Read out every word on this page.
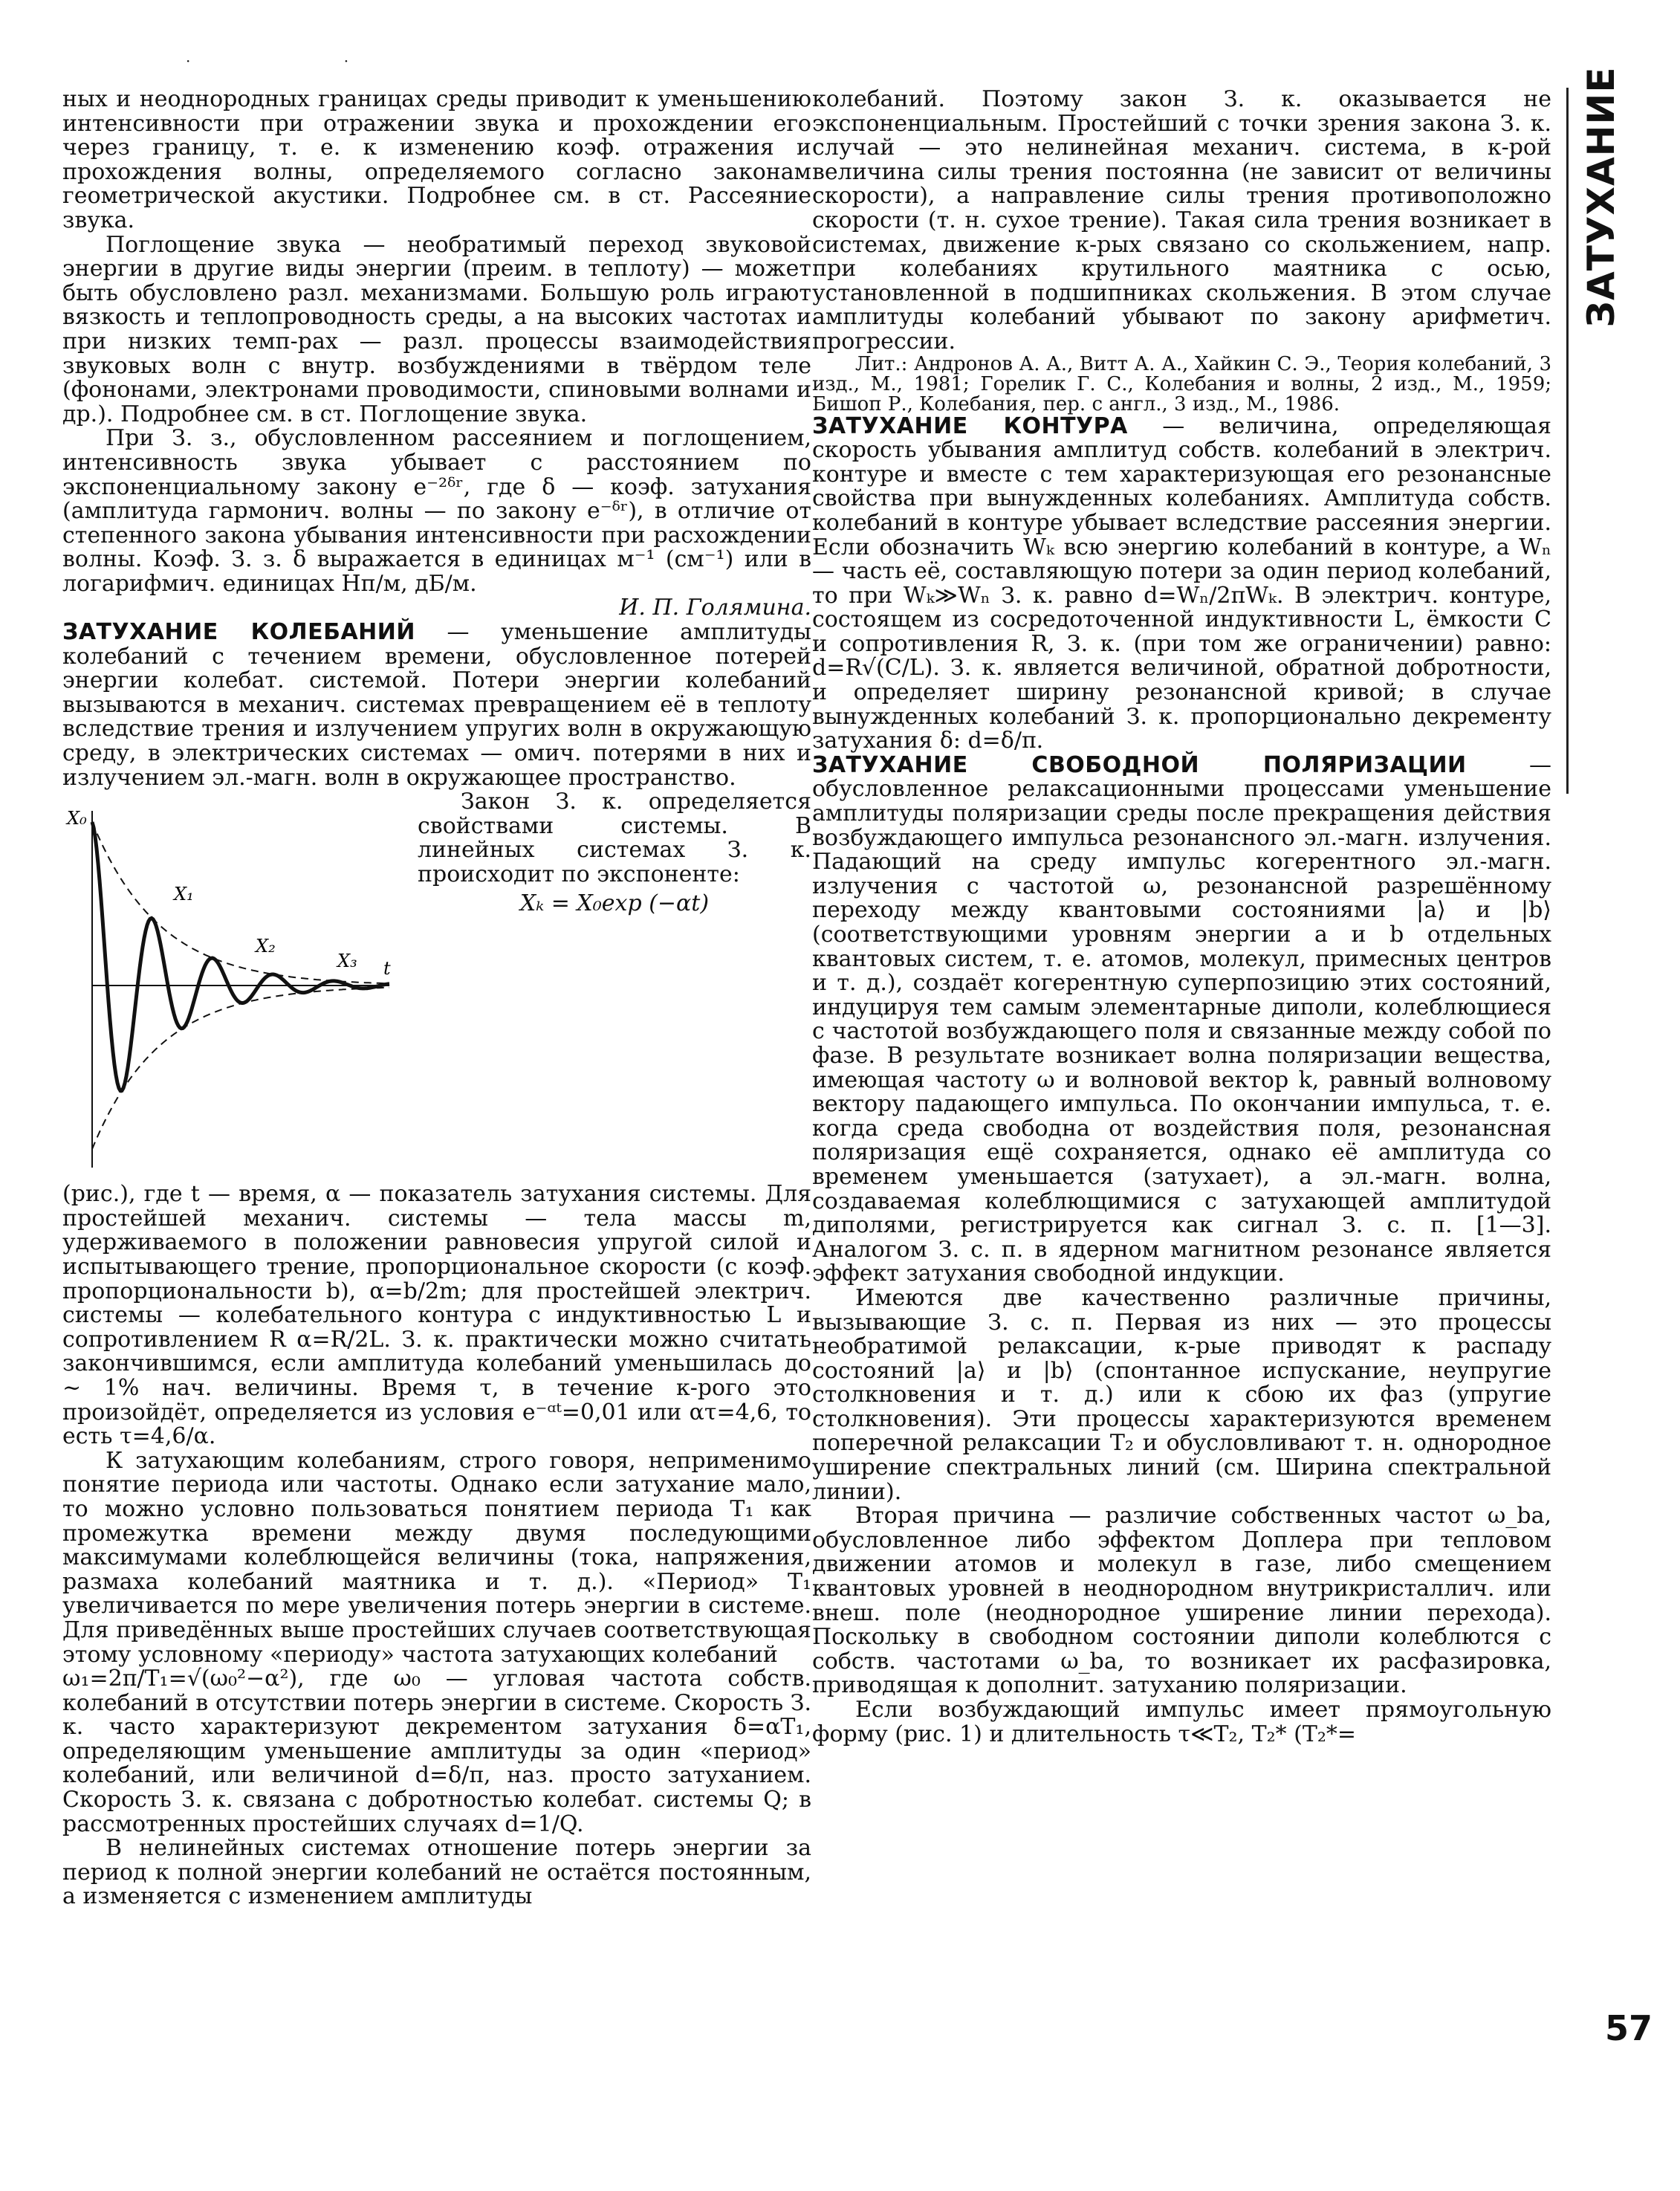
· ·
ЗАТУХАНИЕ
57

ных и неоднородных границах среды приводит к уменьшению интенсивности при отражении звука и прохождении его через границу, т. е. к изменению коэф. отражения и прохождения волны, определяемого согласно законам геометрической акустики. Подробнее см. в ст. Рассеяние звука.

Поглощение звука — необратимый переход звуковой энергии в другие виды энергии (преим. в теплоту) — может быть обусловлено разл. механизмами. Большую роль играют вязкость и теплопроводность среды, а на высоких частотах и при низких темп-рах — разл. процессы взаимодействия звуковых волн с внутр. возбуждениями в твёрдом теле (фононами, электронами проводимости, спиновыми волнами и др.). Подробнее см. в ст. Поглощение звука.

При З. з., обусловленном рассеянием и поглощением, интенсивность звука убывает с расстоянием по экспоненциальному закону e⁻²ᵟʳ, где δ — коэф. затухания (амплитуда гармонич. волны — по закону e⁻ᵟʳ), в отличие от степенного закона убывания интенсивности при расхождении волны. Коэф. З. з. δ выражается в единицах м⁻¹ (см⁻¹) или в логарифмич. единицах Нп/м, дБ/м.

И. П. Голямина.

ЗАТУХАНИЕ КОЛЕБАНИЙ — уменьшение амплитуды колебаний с течением времени, обусловленное потерей энергии колебат. системой. Потери энергии колебаний вызываются в механич. системах превращением её в теплоту вследствие трения и излучением упругих волн в окружающую среду, в электрических системах — омич. потерями в них и излучением эл.-магн. волн в окружающее пространство.

X₀
t
X₁
X₂
X₃

Закон З. к. определяется свойствами системы. В линейных системах З. к. происходит по экспоненте:

Xₖ = X₀exp (−αt)

(рис.), где t — время, α — показатель затухания системы. Для простейшей механич. системы — тела массы m, удерживаемого в положении равновесия упругой силой и испытывающего трение, пропорциональное скорости (с коэф. пропорциональности b), α=b/2m; для простейшей электрич. системы — колебательного контура с индуктивностью L и сопротивлением R α=R/2L. З. к. практически можно считать закончившимся, если амплитуда колебаний уменьшилась до ~ 1% нач. величины. Время τ, в течение к-рого это произойдёт, определяется из условия e⁻ᵅᵗ=0,01 или ατ=4,6, то есть τ=4,6/α.

К затухающим колебаниям, строго говоря, неприменимо понятие периода или частоты. Однако если затухание мало, то можно условно пользоваться понятием периода T₁ как промежутка времени между двумя последующими максимумами колеблющейся величины (тока, напряжения, размаха колебаний маятника и т. д.). «Период» T₁ увеличивается по мере увеличения потерь энергии в системе. Для приведённых выше простейших случаев соответствующая этому условному «периоду» частота затухающих колебаний

ω₁=2π/T₁=√(ω₀²−α²), где ω₀ — угловая частота собств. колебаний в отсутствии потерь энергии в системе. Скорость З. к. часто характеризуют декрементом затухания δ=αT₁, определяющим уменьшение амплитуды за один «период» колебаний, или величиной d=δ/π, наз. просто затуханием. Скорость З. к. связана с добротностью колебат. системы Q; в рассмотренных простейших случаях d=1/Q.

В нелинейных системах отношение потерь энергии за период к полной энергии колебаний не остаётся постоянным, а изменяется с изменением амплитуды

колебаний. Поэтому закон З. к. оказывается не экспоненциальным. Простейший с точки зрения закона З. к. случай — это нелинейная механич. система, в к-рой величина силы трения постоянна (не зависит от величины скорости), а направление силы трения противоположно скорости (т. н. сухое трение). Такая сила трения возникает в системах, движение к-рых связано со скольжением, напр. при колебаниях крутильного маятника с осью, установленной в подшипниках скольжения. В этом случае амплитуды колебаний убывают по закону арифметич. прогрессии.

Лит.: Андронов А. А., Витт А. А., Хайкин С. Э., Теория колебаний, 3 изд., М., 1981; Горелик Г. С., Колебания и волны, 2 изд., М., 1959; Бишоп Р., Колебания, пер. с англ., 3 изд., М., 1986.

ЗАТУХАНИЕ КОНТУРА — величина, определяющая скорость убывания амплитуд собств. колебаний в электрич. контуре и вместе с тем характеризующая его резонансные свойства при вынужденных колебаниях. Амплитуда собств. колебаний в контуре убывает вследствие рассеяния энергии. Если обозначить Wₖ всю энергию колебаний в контуре, а Wₙ — часть её, составляющую потери за один период колебаний, то при Wₖ≫Wₙ З. к. равно d=Wₙ/2πWₖ. В электрич. контуре, состоящем из сосредоточенной индуктивности L, ёмкости C и сопротивления R, З. к. (при том же ограничении) равно: d=R√(C/L). З. к. является величиной, обратной добротности, и определяет ширину резонансной кривой; в случае вынужденных колебаний З. к. пропорционально декременту затухания δ: d=δ/π.

ЗАТУХАНИЕ СВОБОДНОЙ ПОЛЯРИЗАЦИИ — обусловленное релаксационными процессами уменьшение амплитуды поляризации среды после прекращения действия возбуждающего импульса резонансного эл.-магн. излучения. Падающий на среду импульс когерентного эл.-магн. излучения с частотой ω, резонансной разрешённому переходу между квантовыми состояниями |a⟩ и |b⟩ (соответствующими уровням энергии a и b отдельных квантовых систем, т. е. атомов, молекул, примесных центров и т. д.), создаёт когерентную суперпозицию этих состояний, индуцируя тем самым элементарные диполи, колеблющиеся с частотой возбуждающего поля и связанные между собой по фазе. В результате возникает волна поляризации вещества, имеющая частоту ω и волновой вектор k, равный волновому вектору падающего импульса. По окончании импульса, т. е. когда среда свободна от воздействия поля, резонансная поляризация ещё сохраняется, однако её амплитуда со временем уменьшается (затухает), а эл.-магн. волна, создаваемая колеблющимися с затухающей амплитудой диполями, регистрируется как сигнал З. с. п. [1—3]. Аналогом З. с. п. в ядерном магнитном резонансе является эффект затухания свободной индукции.

Имеются две качественно различные причины, вызывающие З. с. п. Первая из них — это процессы необратимой релаксации, к-рые приводят к распаду состояний |a⟩ и |b⟩ (спонтанное испускание, неупругие столкновения и т. д.) или к сбою их фаз (упругие столкновения). Эти процессы характеризуются временем поперечной релаксации T₂ и обусловливают т. н. однородное уширение спектральных линий (см. Ширина спектральной линии).

Вторая причина — различие собственных частот ω_ba, обусловленное либо эффектом Доплера при тепловом движении атомов и молекул в газе, либо смещением квантовых уровней в неоднородном внутрикристаллич. или внеш. поле (неоднородное уширение линии перехода). Поскольку в свободном состоянии диполи колеблются с собств. частотами ω_ba, то возникает их расфазировка, приводящая к дополнит. затуханию поляризации.

Если возбуждающий импульс имеет прямоугольную форму (рис. 1) и длительность τ≪T₂, T₂* (T₂*=
